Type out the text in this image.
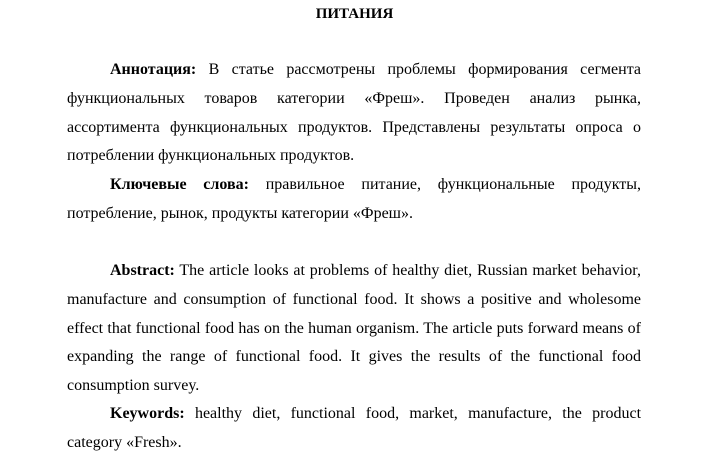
ПИТАНИЯ

Аннотация: В статье рассмотрены проблемы формирования сегмента функциональных товаров категории «Фреш». Проведен анализ рынка, ассортимента функциональных продуктов. Представлены результаты опроса о потреблении функциональных продуктов.

Ключевые слова: правильное питание, функциональные продукты, потребление, рынок, продукты категории «Фреш».

Abstract: The article looks at problems of healthy diet, Russian market behavior, manufacture and consumption of functional food. It shows a positive and wholesome effect that functional food has on the human organism. The article puts forward means of expanding the range of functional food. It gives the results of the functional food consumption survey.

Keywords: healthy diet, functional food, market, manufacture, the product category «Fresh».
